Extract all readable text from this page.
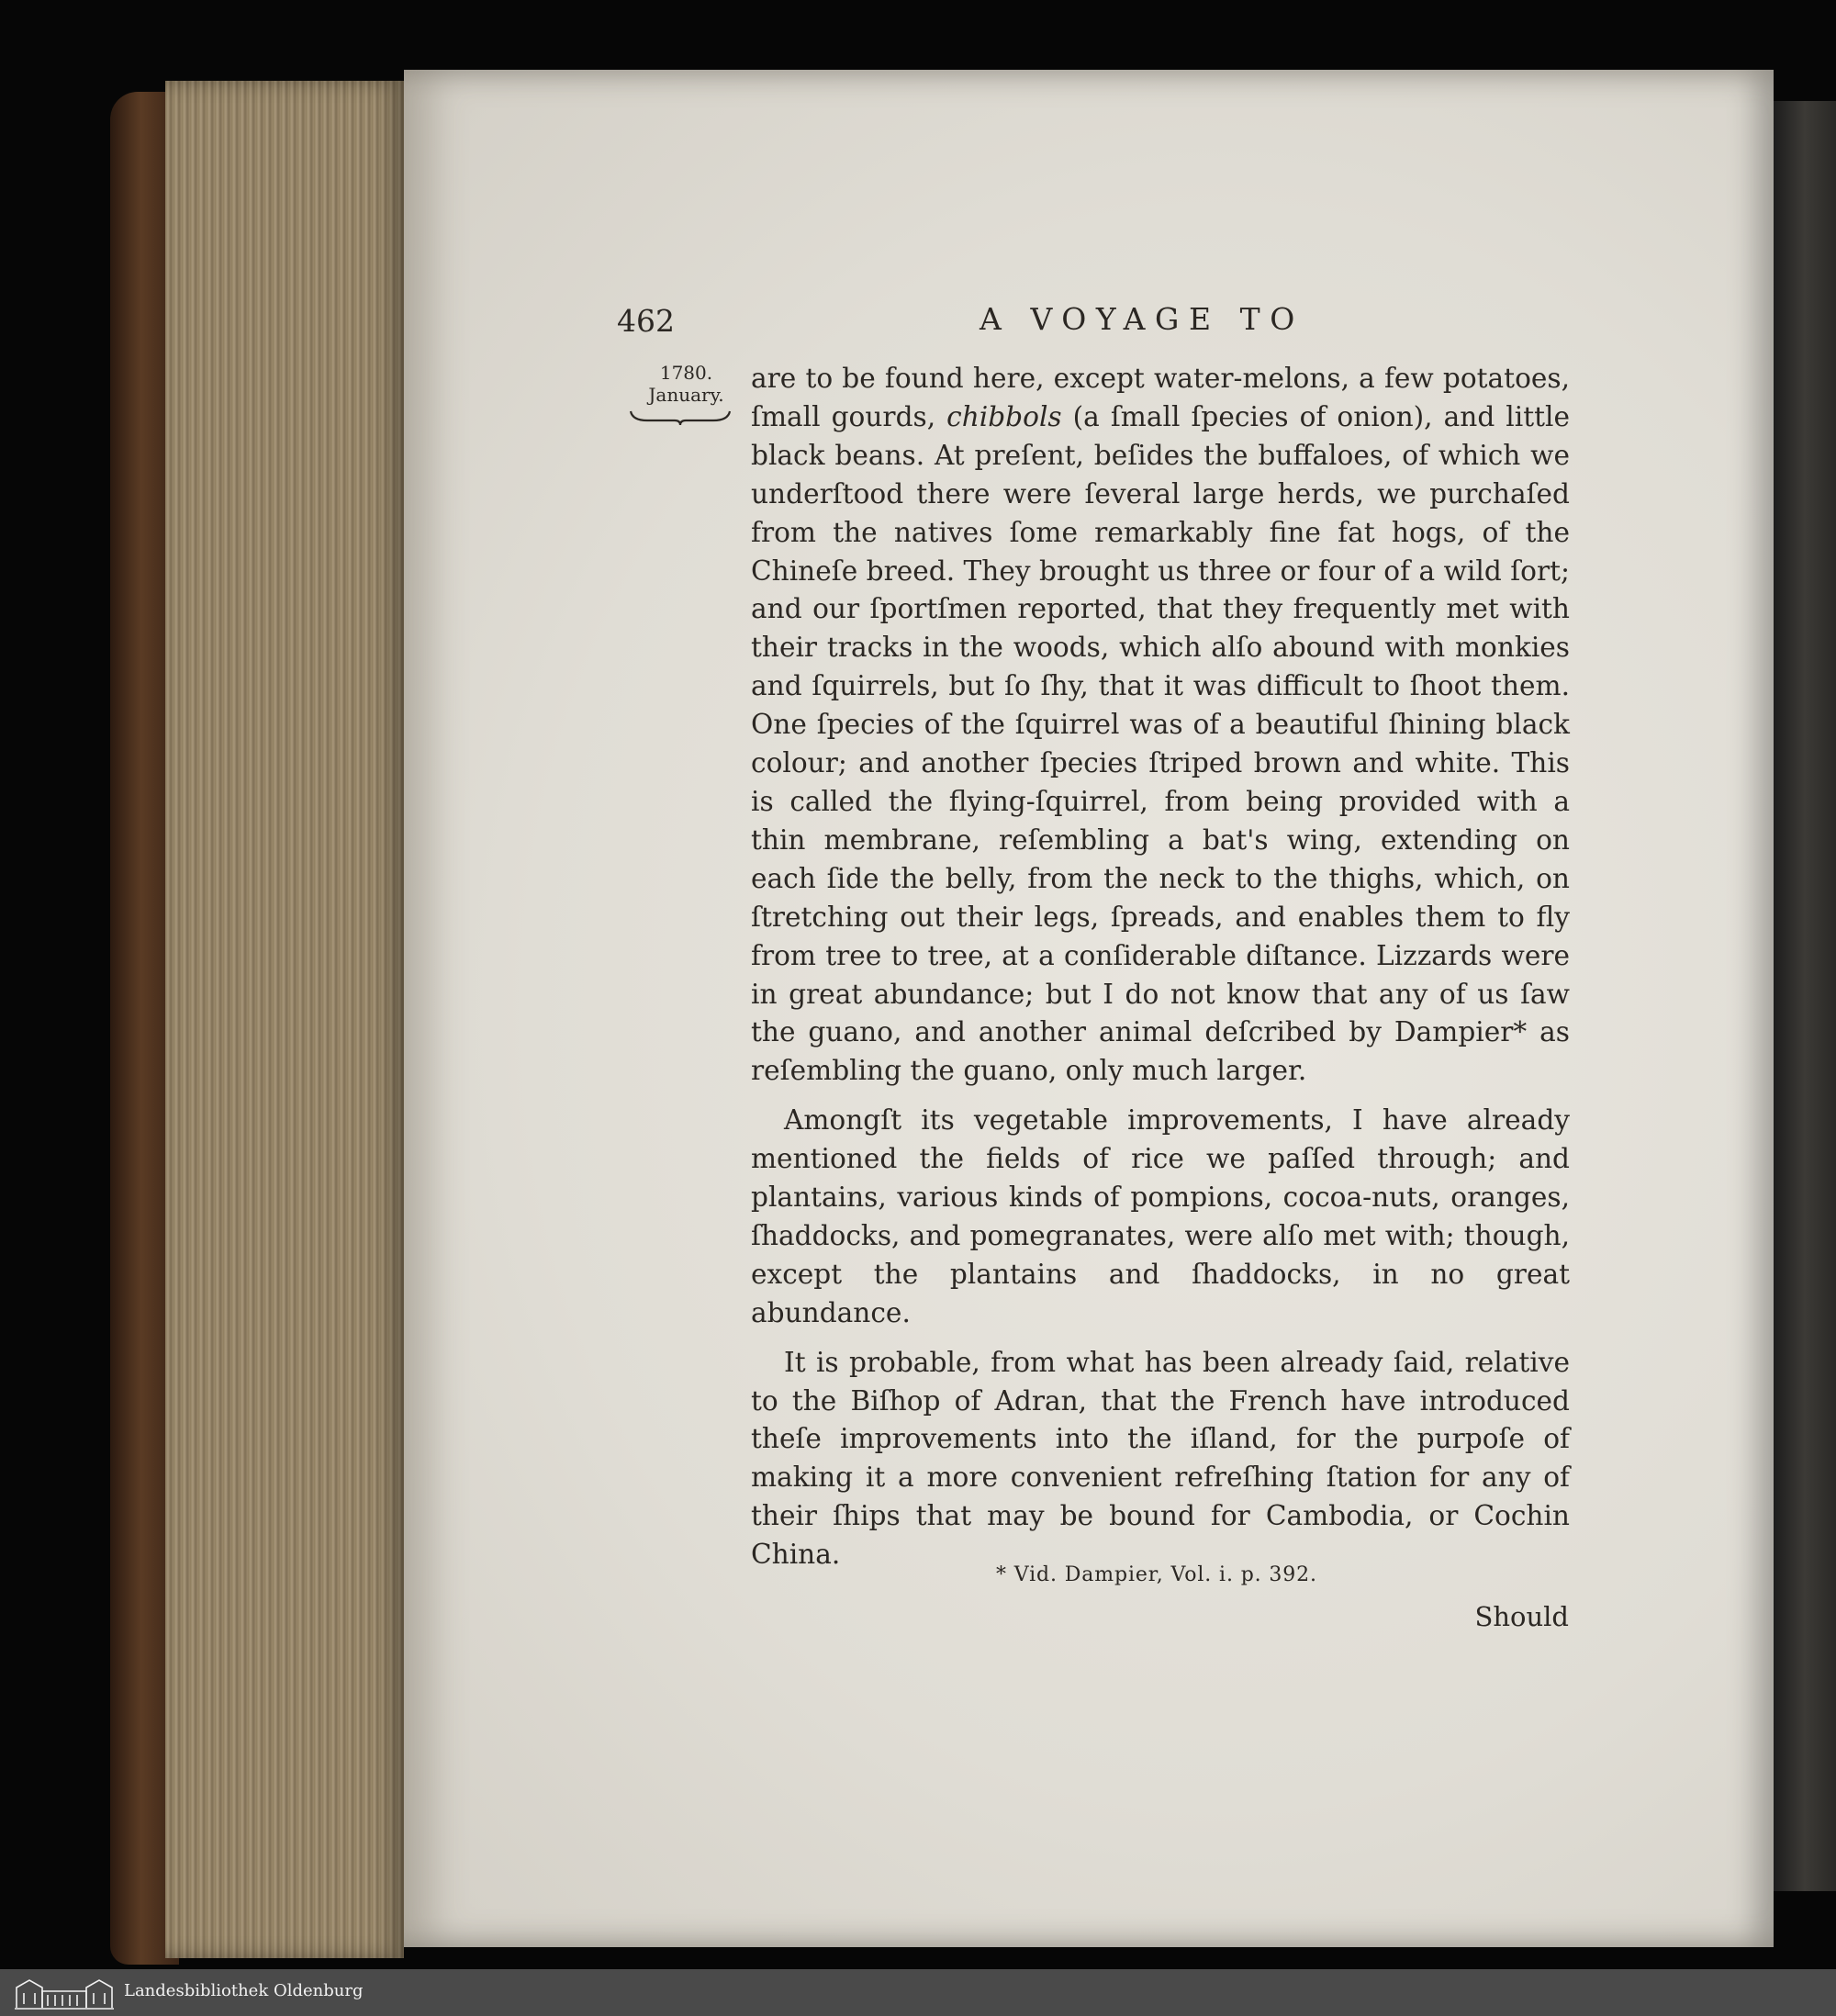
462	A VOYAGE TO
1780.
January.

are to be found here, except water-melons, a few potatoes, ſmall gourds, chibbols (a ſmall ſpecies of onion), and little black beans. At preſent, beſides the buffaloes, of which we underſtood there were ſeveral large herds, we purchaſed from the natives ſome remarkably fine fat hogs, of the Chineſe breed. They brought us three or four of a wild ſort; and our ſportſmen reported, that they frequently met with their tracks in the woods, which alſo abound with monkies and ſquirrels, but ſo ſhy, that it was difficult to ſhoot them. One ſpecies of the ſquirrel was of a beautiful ſhining black colour; and another ſpecies ſtriped brown and white. This is called the flying-ſquirrel, from being provided with a thin membrane, reſembling a bat's wing, extending on each ſide the belly, from the neck to the thighs, which, on ſtretching out their legs, ſpreads, and enables them to fly from tree to tree, at a conſiderable diſtance. Lizzards were in great abundance; but I do not know that any of us ſaw the guano, and another animal deſcribed by Dampier* as reſembling the guano, only much larger.

Amongſt its vegetable improvements, I have already mentioned the fields of rice we paſſed through; and plantains, various kinds of pompions, cocoa-nuts, oranges, ſhaddocks, and pomegranates, were alſo met with; though, except the plantains and ſhaddocks, in no great abundance.

It is probable, from what has been already ſaid, relative to the Biſhop of Adran, that the French have introduced theſe improvements into the iſland, for the purpoſe of making it a more convenient refreſhing ſtation for any of their ſhips that may be bound for Cambodia, or Cochin China.

* Vid. Dampier, Vol. i. p. 392.
Should
Landesbibliothek Oldenburg
